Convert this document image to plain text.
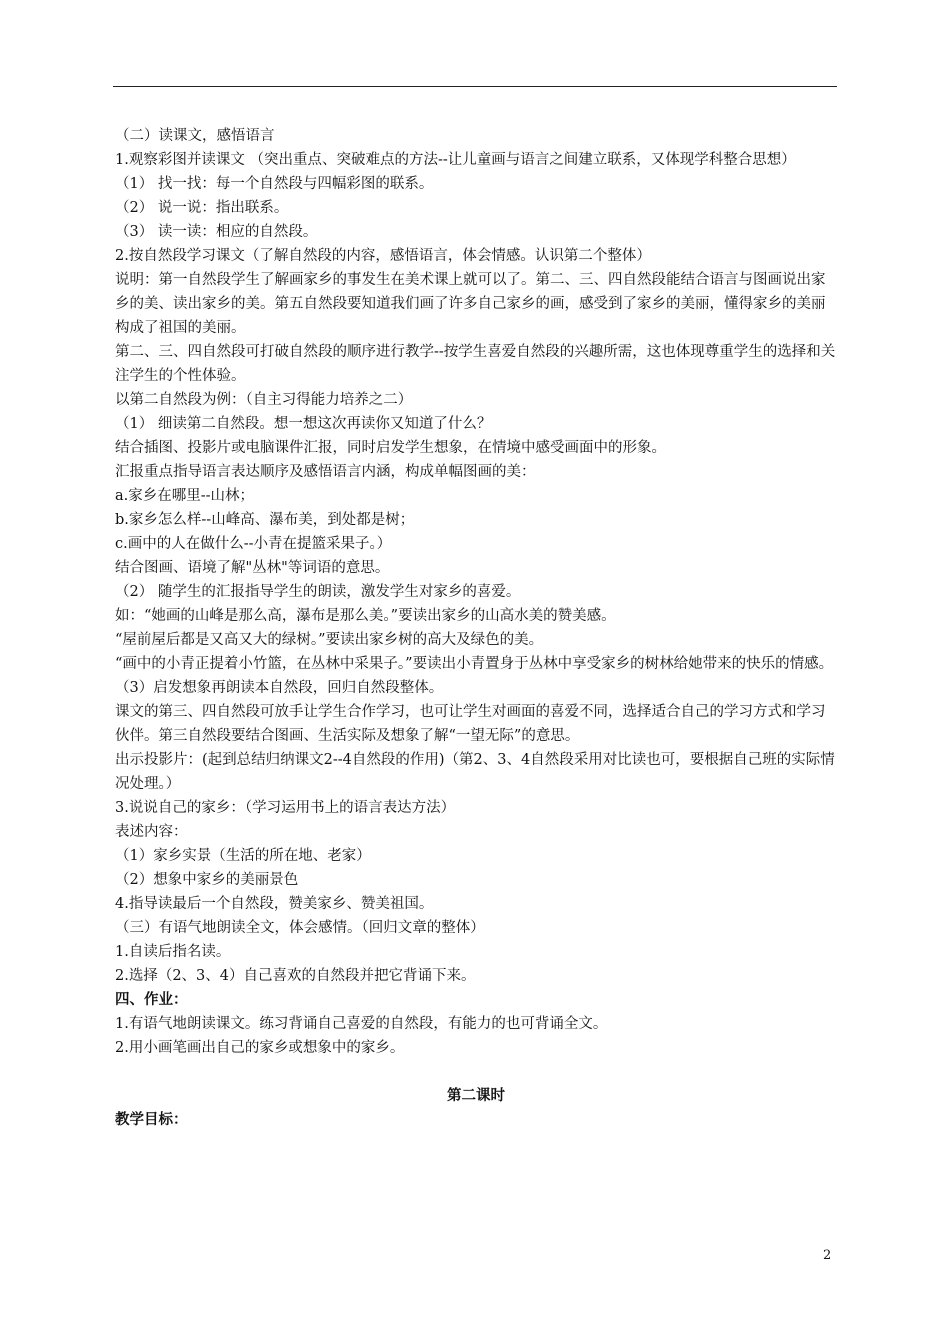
（二）读课文，感悟语言
1.观察彩图并读课文 （突出重点、突破难点的方法--让儿童画与语言之间建立联系，又体现学科整合思想）
（1） 找一找：每一个自然段与四幅彩图的联系。
（2） 说一说：指出联系。
（3） 读一读：相应的自然段。
2.按自然段学习课文（了解自然段的内容，感悟语言，体会情感。认识第二个整体）
说明：第一自然段学生了解画家乡的事发生在美术课上就可以了。第二、三、四自然段能结合语言与图画说出家乡的美、读出家乡的美。第五自然段要知道我们画了许多自己家乡的画，感受到了家乡的美丽，懂得家乡的美丽构成了祖国的美丽。
第二、三、四自然段可打破自然段的顺序进行教学--按学生喜爱自然段的兴趣所需，这也体现尊重学生的选择和关注学生的个性体验。
以第二自然段为例：（自主习得能力培养之二）
（1） 细读第二自然段。想一想这次再读你又知道了什么？
结合插图、投影片或电脑课件汇报，同时启发学生想象，在情境中感受画面中的形象。
汇报重点指导语言表达顺序及感悟语言内涵，构成单幅图画的美：
a.家乡在哪里--山林；
b.家乡怎么样--山峰高、瀑布美，到处都是树；
c.画中的人在做什么--小青在提篮采果子。）
结合图画、语境了解"丛林"等词语的意思。
（2） 随学生的汇报指导学生的朗读，激发学生对家乡的喜爱。
如：“她画的山峰是那么高，瀑布是那么美。”要读出家乡的山高水美的赞美感。
“屋前屋后都是又高又大的绿树。”要读出家乡树的高大及绿色的美。
“画中的小青正提着小竹篮，在丛林中采果子。”要读出小青置身于丛林中享受家乡的树林给她带来的快乐的情感。
（3）启发想象再朗读本自然段，回归自然段整体。
课文的第三、四自然段可放手让学生合作学习，也可让学生对画面的喜爱不同，选择适合自己的学习方式和学习伙伴。第三自然段要结合图画、生活实际及想象了解“一望无际”的意思。
出示投影片：(起到总结归纳课文2--4自然段的作用)（第2、3、4自然段采用对比读也可，要根据自己班的实际情况处理。）
3.说说自己的家乡：（学习运用书上的语言表达方法）
表述内容：
（1）家乡实景（生活的所在地、老家）
（2）想象中家乡的美丽景色
4.指导读最后一个自然段，赞美家乡、赞美祖国。
（三）有语气地朗读全文，体会感情。（回归文章的整体）
1.自读后指名读。
2.选择（2、3、4）自己喜欢的自然段并把它背诵下来。
四、作业：
1.有语气地朗读课文。练习背诵自己喜爱的自然段，有能力的也可背诵全文。
2.用小画笔画出自己的家乡或想象中的家乡。
第二课时
教学目标：
2
